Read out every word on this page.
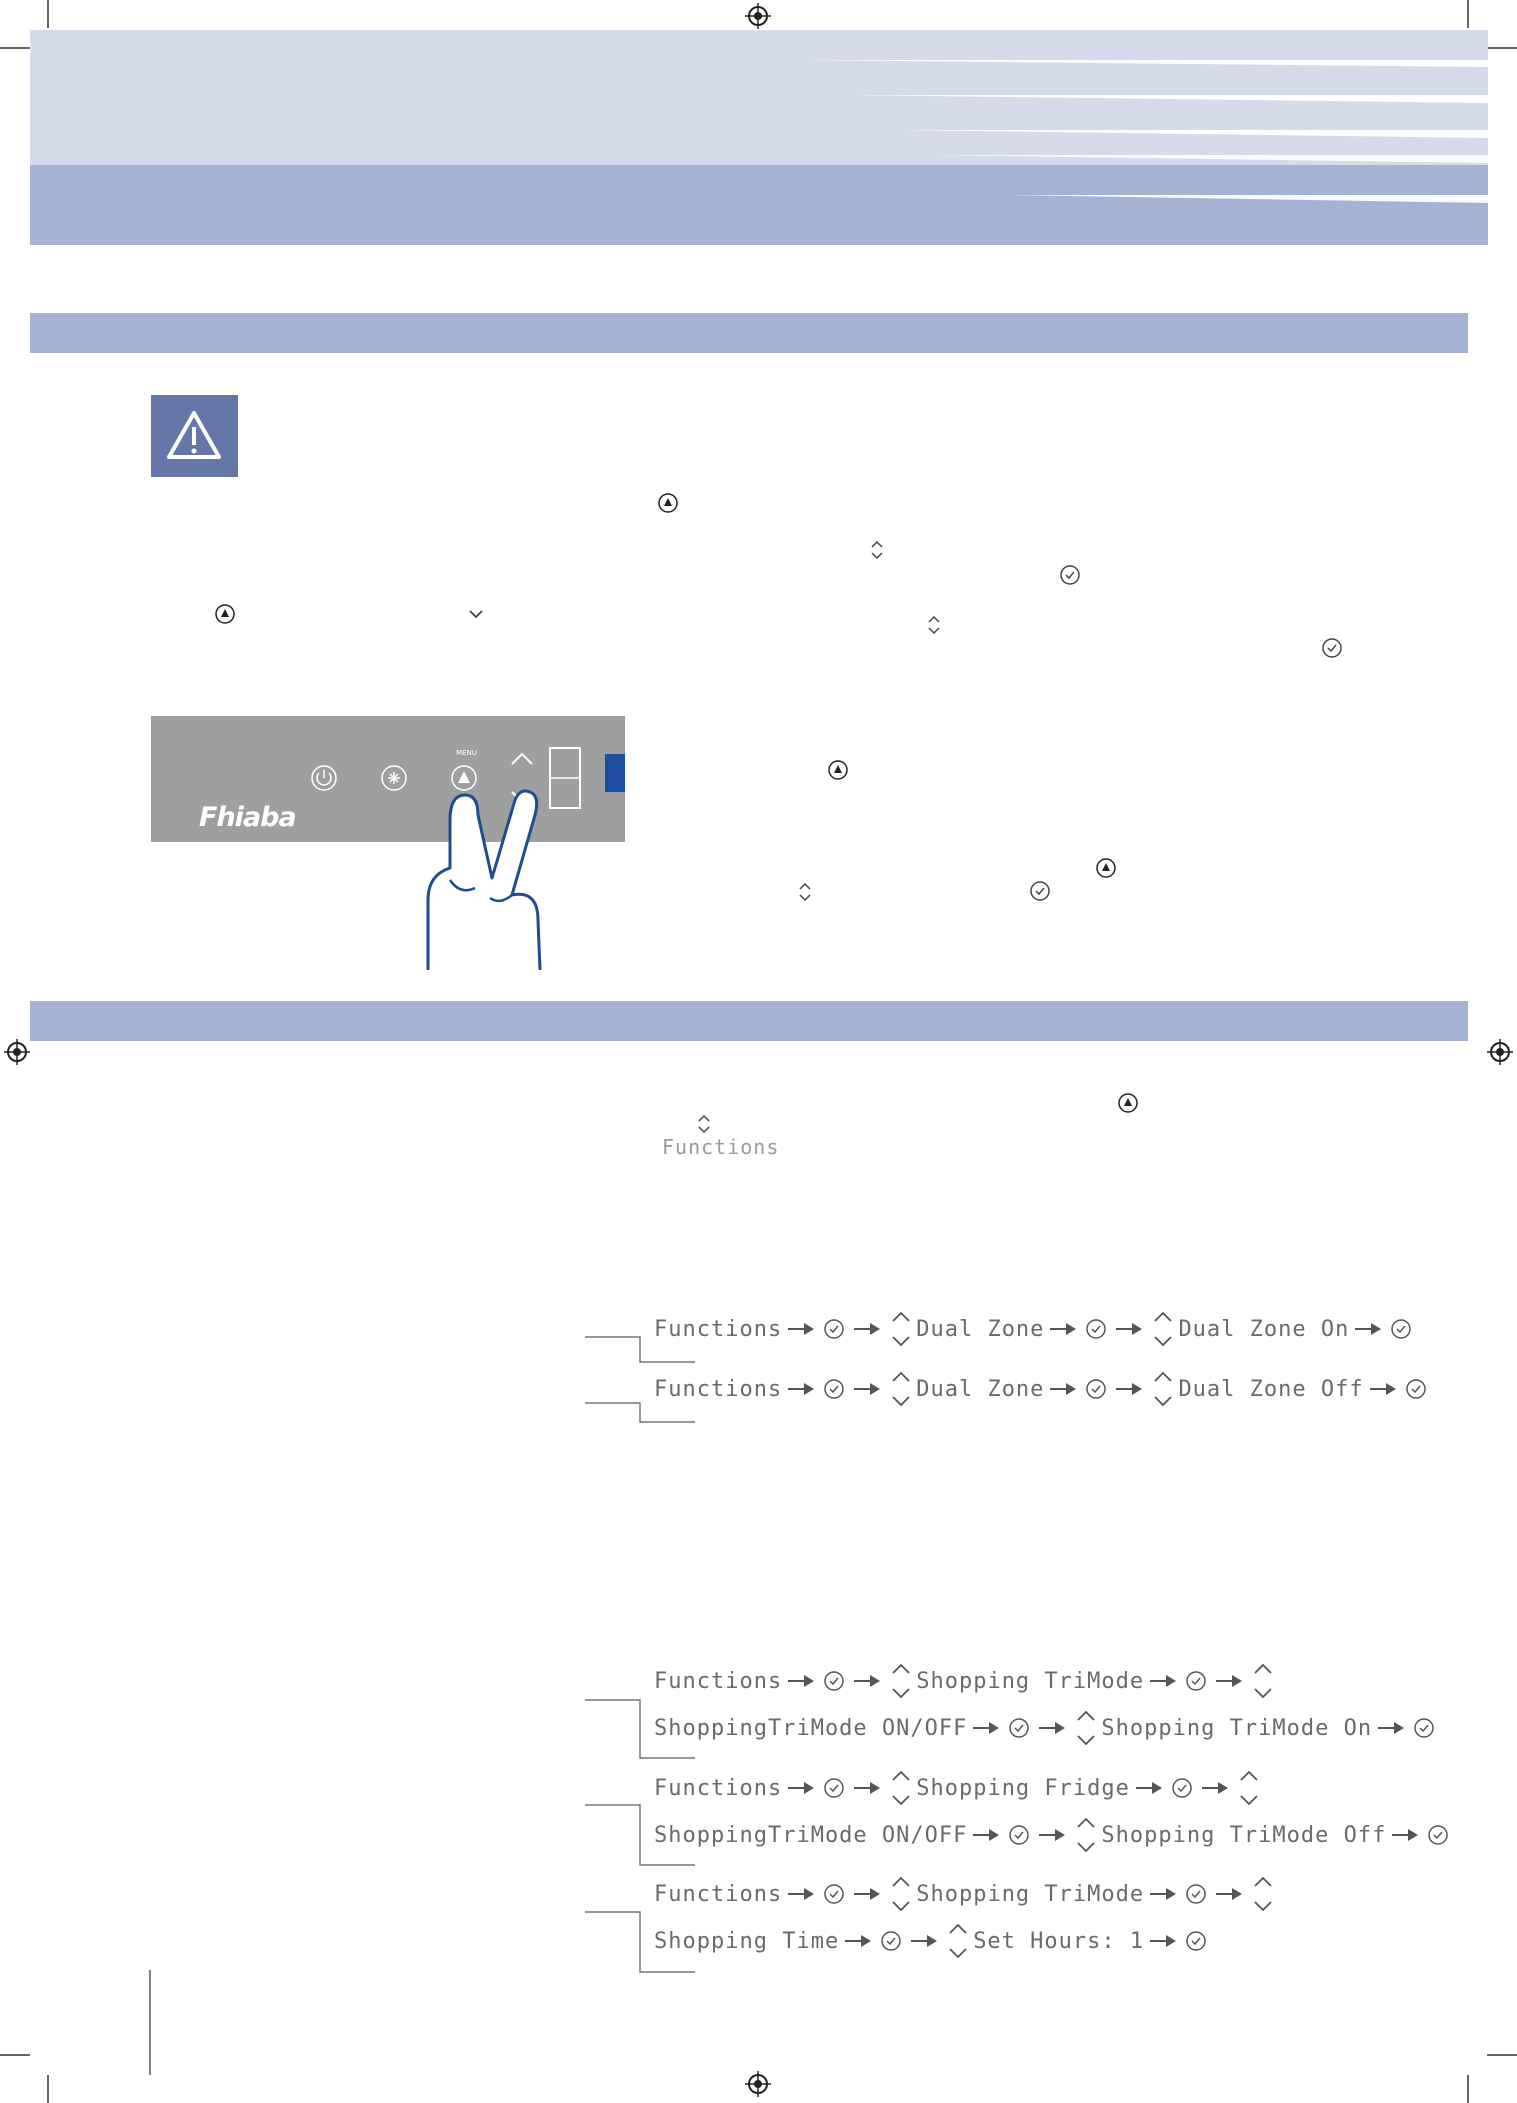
Functions
MENU
Fhiaba
Functions	Dual Zone	Dual Zone On
Functions	Dual Zone	Dual Zone Off
Functions	Shopping TriMode
ShoppingTriMode ON/OFF	Shopping TriMode On
Functions	Shopping Fridge
ShoppingTriMode ON/OFF	Shopping TriMode Off
Functions	Shopping TriMode
Shopping Time	Set Hours: 1
